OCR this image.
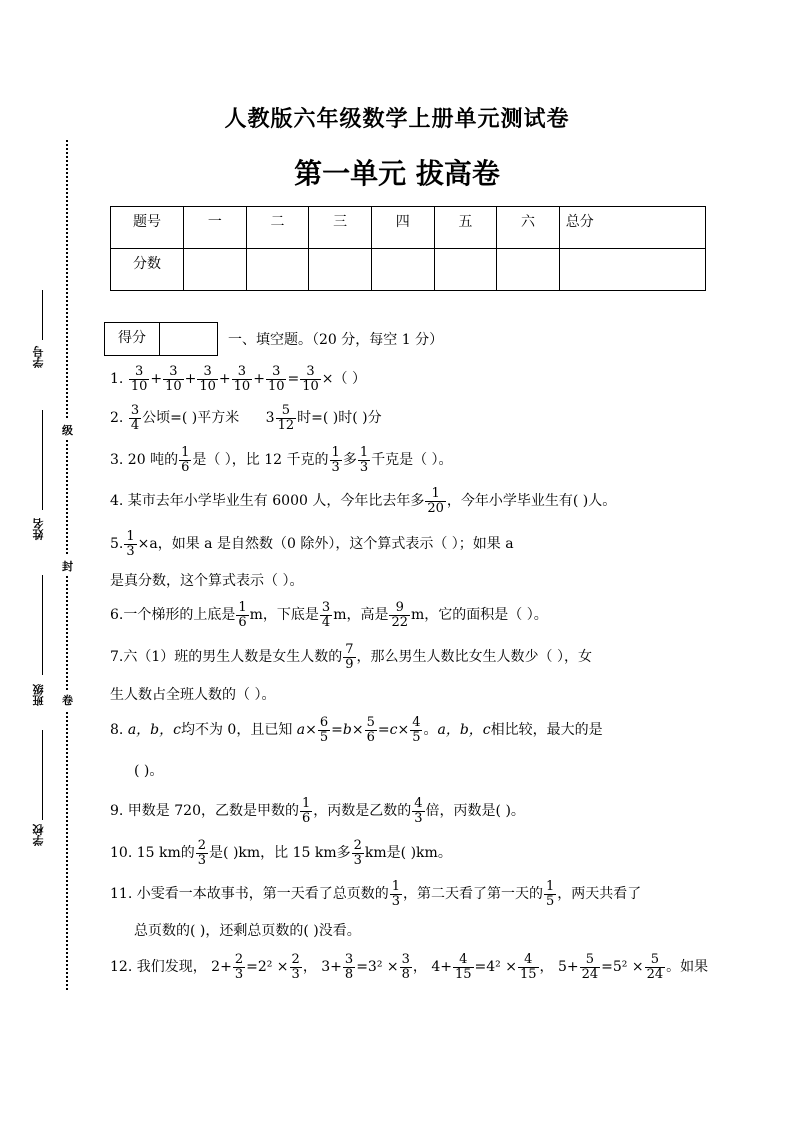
学号
级
姓名
封
班级 卷
学校
人教版六年级数学上册单元测试卷
第一单元 拔高卷
题号	一	二	三	四	五	六	总分
分数							
得分	一、填空题。（20 分，每空 1 分）
1. $\frac{3}{10} + \frac{3}{10} + \frac{3}{10} + \frac{3}{10} + \frac{3}{10} = \frac{3}{10}$ ×（ ）
2. $\frac{3}{4}$ 公顷=( )平方米 $3 \frac{5}{12}$ 时=( )时( )分
3. 20 吨的 $\frac{1}{6}$ 是（ ），比 12 千克的 $\frac{1}{3}$ 多 $\frac{1}{3}$ 千克是（ ）。
4. 某市去年小学毕业生有 6000 人，今年比去年多 $\frac{1}{20}$ ，今年小学毕业生有( )人。
5. $\frac{1}{3} \times a$，如果 a 是自然数（0 除外），这个算式表示（ ）；如果 a
是真分数，这个算式表示（ ）。
6.一个梯形的上底是 $\frac{1}{6}$ m，下底是 $\frac{3}{4}$ m，高是 $\frac{9}{22}$ m，它的面积是（ ）。
7.六（1）班的男生人数是女生人数的 $\frac{7}{9}$ ，那么男生人数比女生人数少（ ），女
生人数占全班人数的（ ）。
8. a，b，c均不为 0，且已知 $a\times \frac{6}{5} =b\times \frac{5}{6} =c\times \frac{4}{5}$ 。a，b，c相比较，最大的是
( )。
9. 甲数是 720，乙数是甲数的 $\frac{1}{6}$ ，丙数是乙数的 $\frac{4}{3}$ 倍，丙数是( )。
10. 15 km的 $\frac{2}{3}$ 是( )km，比 15 km多 $\frac{2}{3}$ km是( )km。
11. 小雯看一本故事书，第一天看了总页数的 $\frac{1}{3}$ ，第二天看了第一天的 $\frac{1}{5}$ ，两天共看了
总页数的( )，还剩总页数的( )没看。
12. 我们发现， $2+ \frac{2}{3} =2^2 \times \frac{2}{3}$ ， $3+ \frac{3}{8} =3^2 \times \frac{3}{8}$ ， $4+ \frac{4}{15} =4^2 \times \frac{4}{15}$ ， $5+ \frac{5}{24} =5^2 \times \frac{5}{24}$ 。如果
